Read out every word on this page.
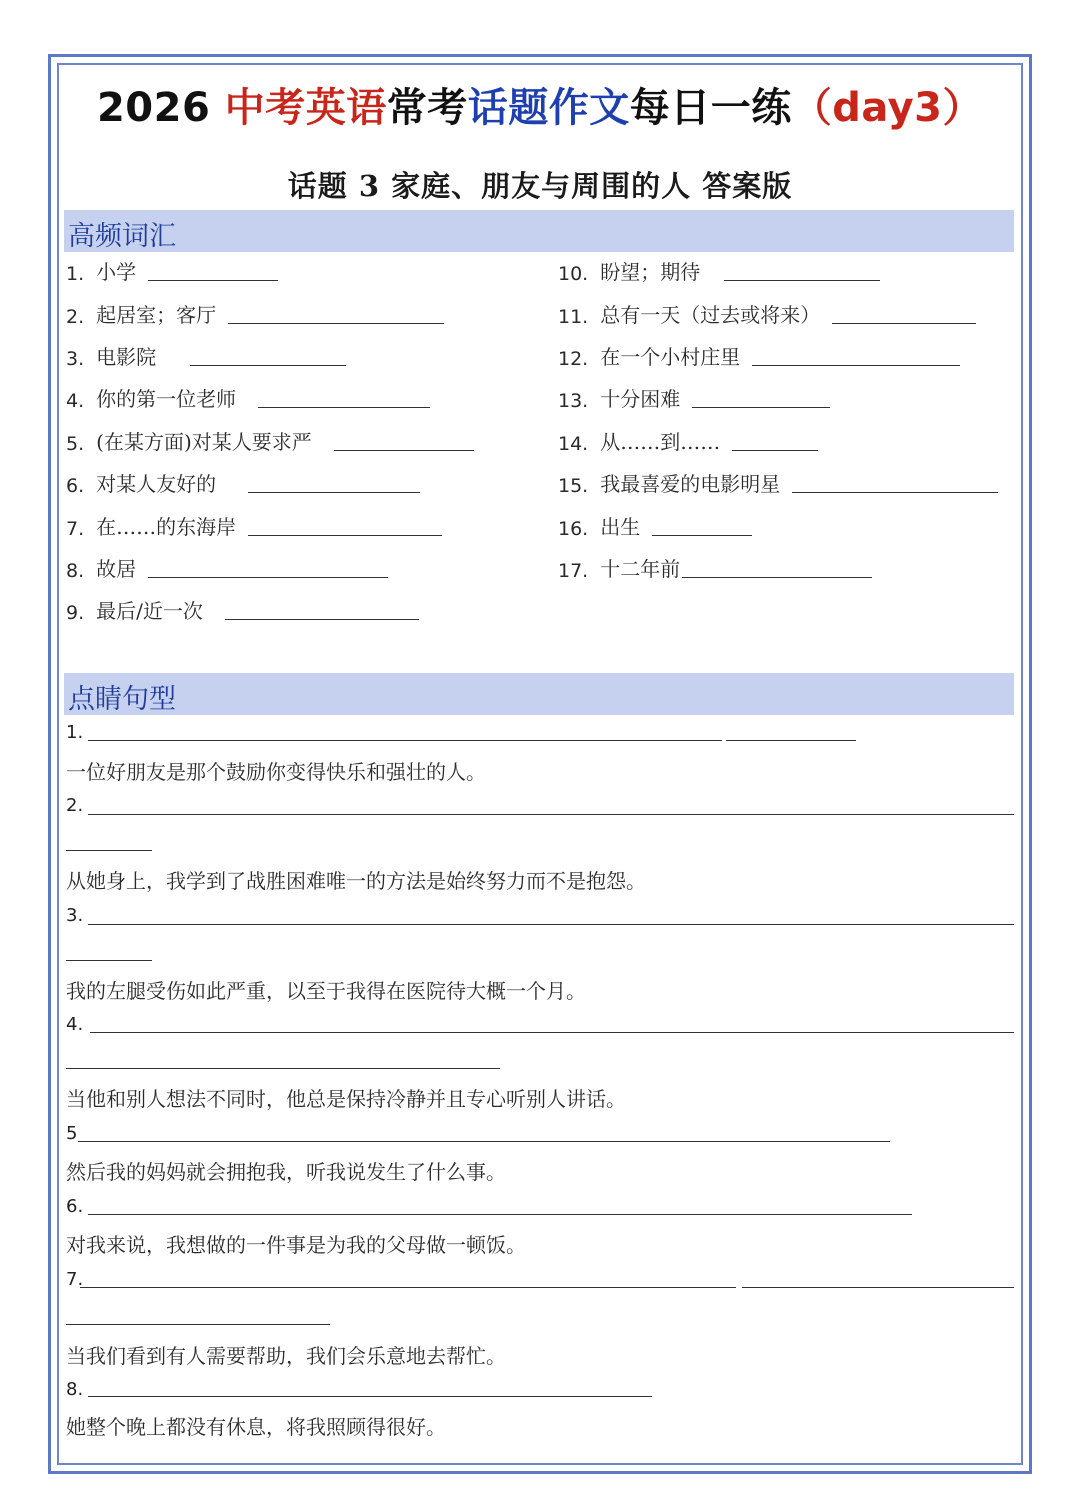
2026 中考英语常考话题作文每日一练（day3）
话题 3 家庭、朋友与周围的人 答案版
高频词汇
1. 小学
2. 起居室；客厅
3. 电影院
4. 你的第一位老师
5. (在某方面)对某人要求严
6. 对某人友好的
7. 在……的东海岸
8. 故居
9. 最后/近一次
10. 盼望；期待
11. 总有一天（过去或将来）
12. 在一个小村庄里
13. 十分困难
14. 从……到……
15. 我最喜爱的电影明星
16. 出生
17. 十二年前
点睛句型
1.
一位好朋友是那个鼓励你变得快乐和强壮的人。
2.
从她身上，我学到了战胜困难唯一的方法是始终努力而不是抱怨。
3.
我的左腿受伤如此严重，以至于我得在医院待大概一个月。
4.
当他和别人想法不同时，他总是保持冷静并且专心听别人讲话。
5
然后我的妈妈就会拥抱我，听我说发生了什么事。
6.
对我来说，我想做的一件事是为我的父母做一顿饭。
7.
当我们看到有人需要帮助，我们会乐意地去帮忙。
8.
她整个晚上都没有休息，将我照顾得很好。
